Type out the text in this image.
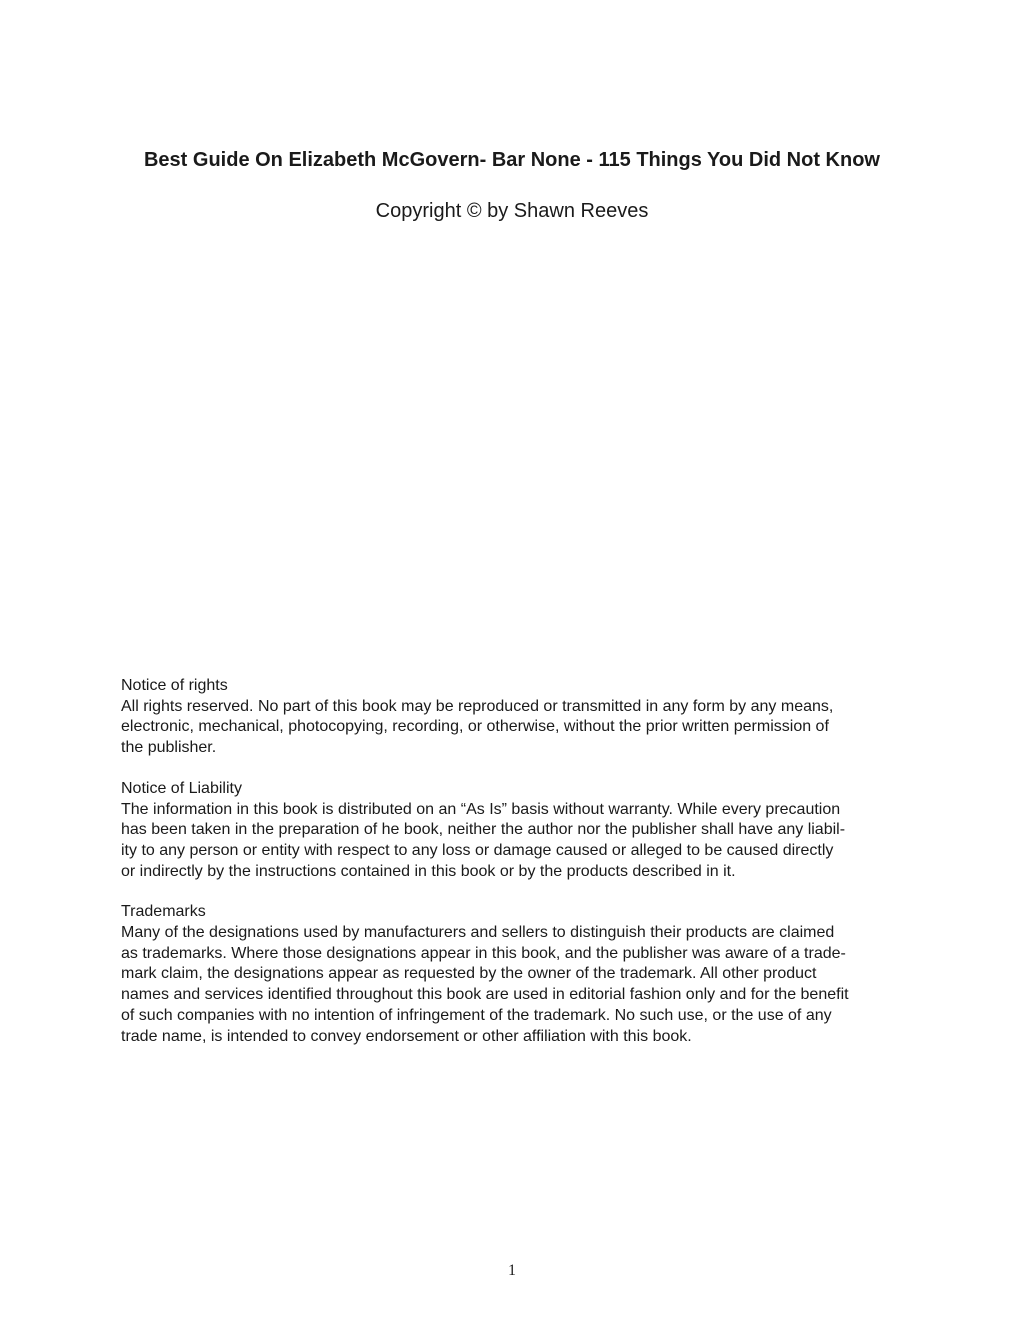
Best Guide On Elizabeth McGovern- Bar None - 115 Things You Did Not Know
Copyright © by Shawn Reeves
Notice of rights

All rights reserved. No part of this book may be reproduced or transmitted in any form by any means,
electronic, mechanical, photocopying, recording, or otherwise, without the prior written permission of
the publisher.

Notice of Liability

The information in this book is distributed on an “As Is” basis without warranty. While every precaution
has been taken in the preparation of he book, neither the author nor the publisher shall have any liabil-
ity to any person or entity with respect to any loss or damage caused or alleged to be caused directly
or indirectly by the instructions contained in this book or by the products described in it.

Trademarks

Many of the designations used by manufacturers and sellers to distinguish their products are claimed
as trademarks. Where those designations appear in this book, and the publisher was aware of a trade-
mark claim, the designations appear as requested by the owner of the trademark. All other product
names and services identified throughout this book are used in editorial fashion only and for the benefit
of such companies with no intention of infringement of the trademark. No such use, or the use of any
trade name, is intended to convey endorsement or other affiliation with this book.

1
